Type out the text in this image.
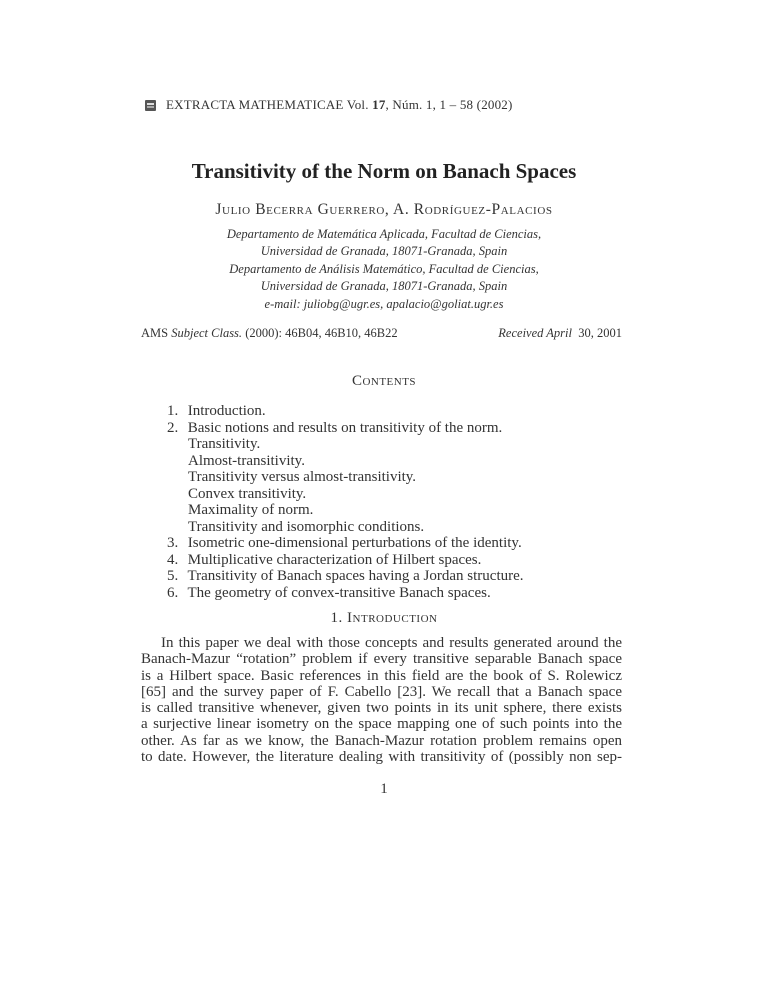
EXTRACTA MATHEMATICAE Vol.
17 , Núm. 1, 1 – 58 (2002)
Transitivity of the Norm on Banach Spaces
Julio Becerra Guerrero, A. Rodríguez-Palacios
Departamento de Matemática Aplicada, Facultad de Ciencias,
Universidad de Granada, 18071-Granada, Spain
Departamento de Análisis Matemático, Facultad de Ciencias,
Universidad de Granada, 18071-Granada, Spain
e-mail: juliobg@ugr.es, apalacio@goliat.ugr.es
AMS Subject Class. (2000): 46B04, 46B10, 46B22	Received April 30, 2001
Contents
1. Introduction.
2. Basic notions and results on transitivity of the norm.
Transitivity.
Almost-transitivity.
Transitivity versus almost-transitivity.
Convex transitivity.
Maximality of norm.
Transitivity and isomorphic conditions.
3. Isometric one-dimensional perturbations of the identity.
4. Multiplicative characterization of Hilbert spaces.
5. Transitivity of Banach spaces having a Jordan structure.
6. The geometry of convex-transitive Banach spaces.
1. Introduction
In this paper we deal with those concepts and results generated around the
Banach-Mazur “rotation” problem if every transitive separable Banach space
is a Hilbert space. Basic references in this field are the book of S. Rolewicz
[65] and the survey paper of F. Cabello [23]. We recall that a Banach space
is called transitive whenever, given two points in its unit sphere, there exists
a surjective linear isometry on the space mapping one of such points into the
other. As far as we know, the Banach-Mazur rotation problem remains open
to date. However, the literature dealing with transitivity of (possibly non sep-
1
